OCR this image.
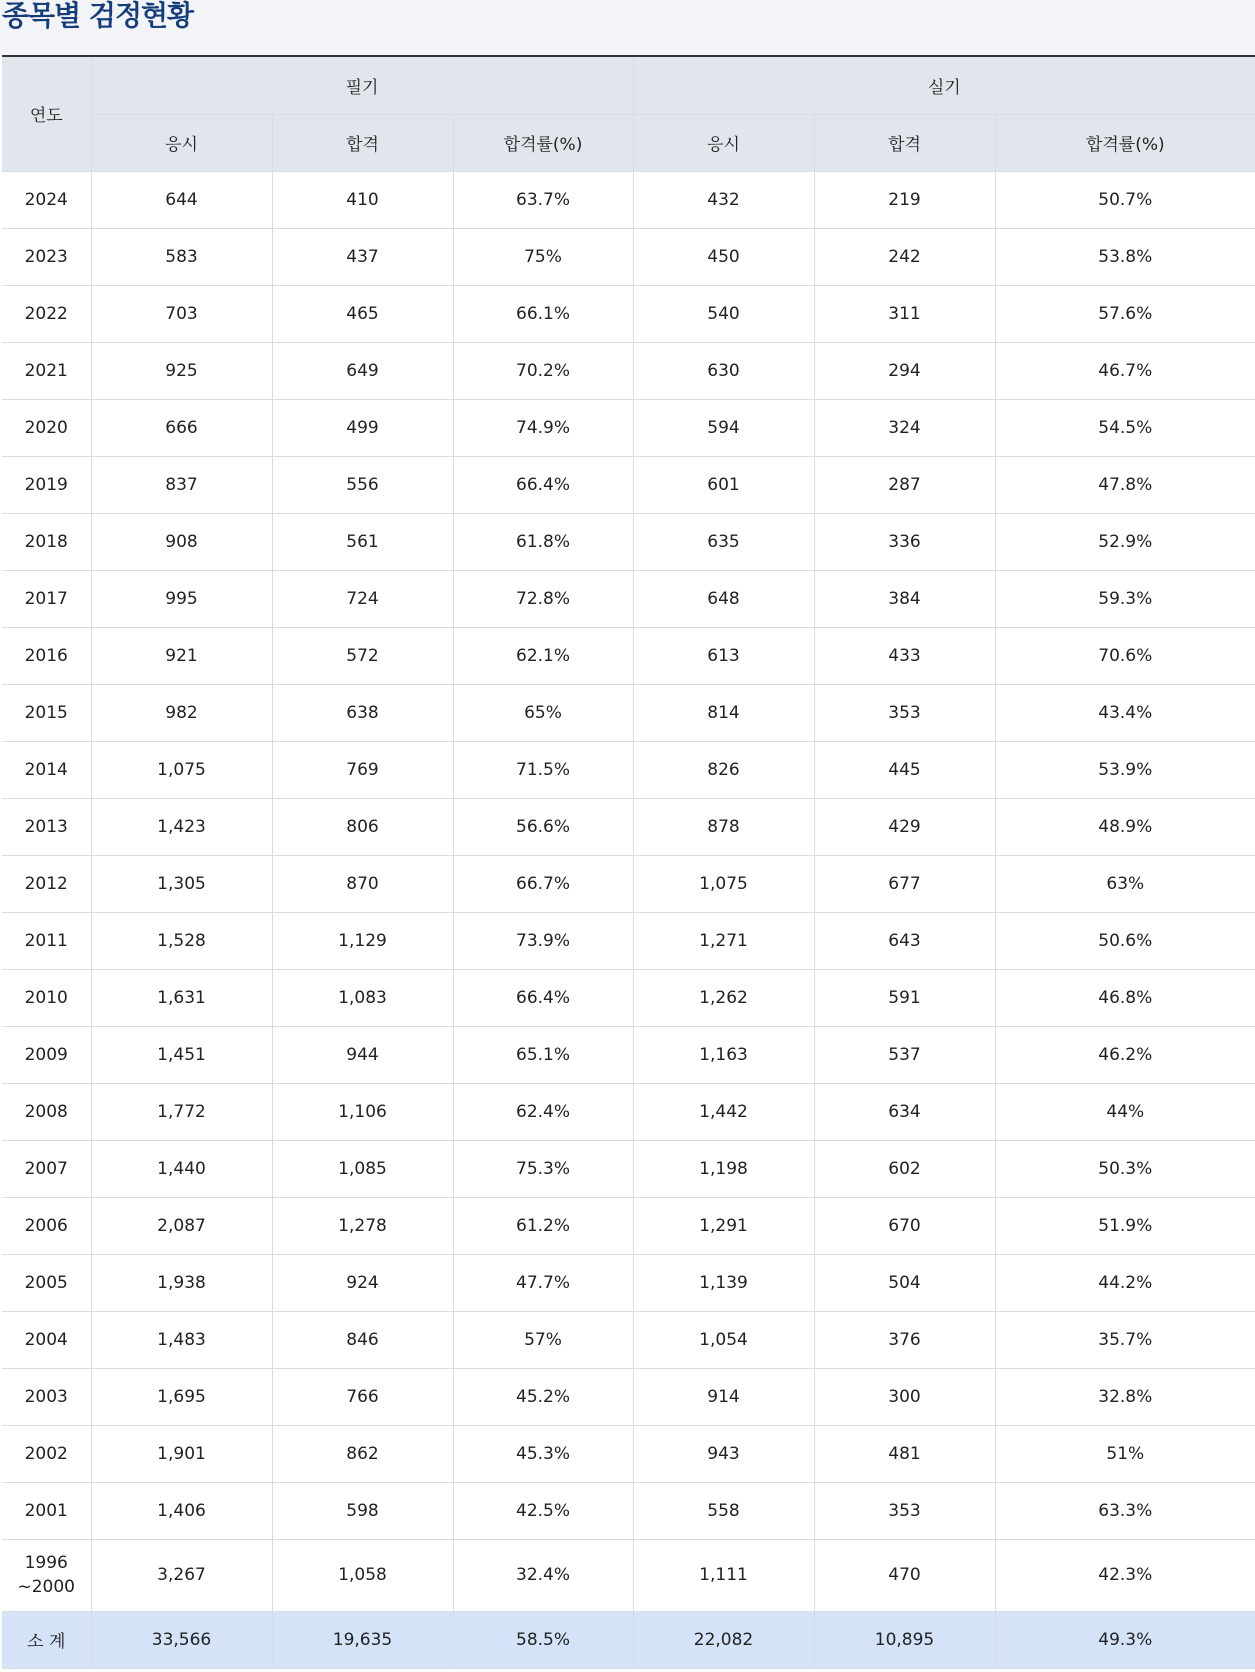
종목별 검정현황
연도	필기			실기		
	응시	합격	합격률(%)	응시	합격	합격률(%)
2024	644	410	63.7%	432	219	50.7%
2023	583	437	75%	450	242	53.8%
2022	703	465	66.1%	540	311	57.6%
2021	925	649	70.2%	630	294	46.7%
2020	666	499	74.9%	594	324	54.5%
2019	837	556	66.4%	601	287	47.8%
2018	908	561	61.8%	635	336	52.9%
2017	995	724	72.8%	648	384	59.3%
2016	921	572	62.1%	613	433	70.6%
2015	982	638	65%	814	353	43.4%
2014	1,075	769	71.5%	826	445	53.9%
2013	1,423	806	56.6%	878	429	48.9%
2012	1,305	870	66.7%	1,075	677	63%
2011	1,528	1,129	73.9%	1,271	643	50.6%
2010	1,631	1,083	66.4%	1,262	591	46.8%
2009	1,451	944	65.1%	1,163	537	46.2%
2008	1,772	1,106	62.4%	1,442	634	44%
2007	1,440	1,085	75.3%	1,198	602	50.3%
2006	2,087	1,278	61.2%	1,291	670	51.9%
2005	1,938	924	47.7%	1,139	504	44.2%
2004	1,483	846	57%	1,054	376	35.7%
2003	1,695	766	45.2%	914	300	32.8%
2002	1,901	862	45.3%	943	481	51%
2001	1,406	598	42.5%	558	353	63.3%

1996
~2000	3,267	1,058	32.4%	1,111	470	42.3%
소 계	33,566	19,635	58.5%	22,082	10,895	49.3%
